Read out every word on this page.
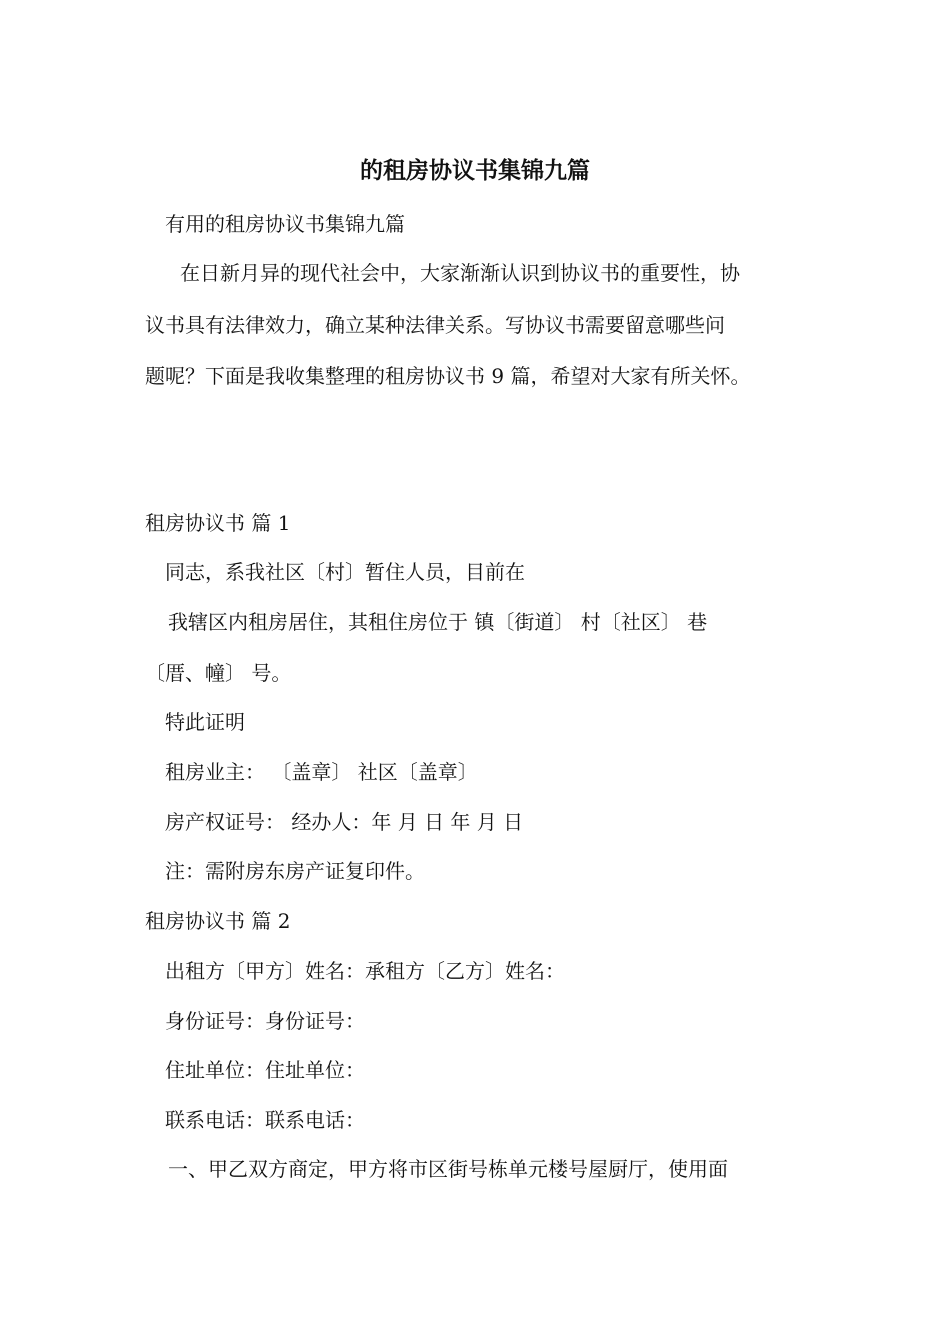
的租房协议书集锦九篇
有用的租房协议书集锦九篇
在日新月异的现代社会中，大家渐渐认识到协议书的重要性，协
议书具有法律效力，确立某种法律关系。写协议书需要留意哪些问
题呢？下面是我收集整理的租房协议书 9 篇，希望对大家有所关怀。
租房协议书 篇 1
同志，系我社区〔村〕暂住人员，目前在
我辖区内租房居住，其租住房位于 镇〔街道〕 村〔社区〕 巷
〔厝、幢〕 号。
特此证明
租房业主： 〔盖章〕 社区〔盖章〕
房产权证号： 经办人：年 月 日 年 月 日
注：需附房东房产证复印件。
租房协议书 篇 2
出租方〔甲方〕姓名：承租方〔乙方〕姓名：
身份证号：身份证号：
住址单位：住址单位：
联系电话：联系电话：
一、甲乙双方商定，甲方将市区街号栋单元楼号屋厨厅，使用面
